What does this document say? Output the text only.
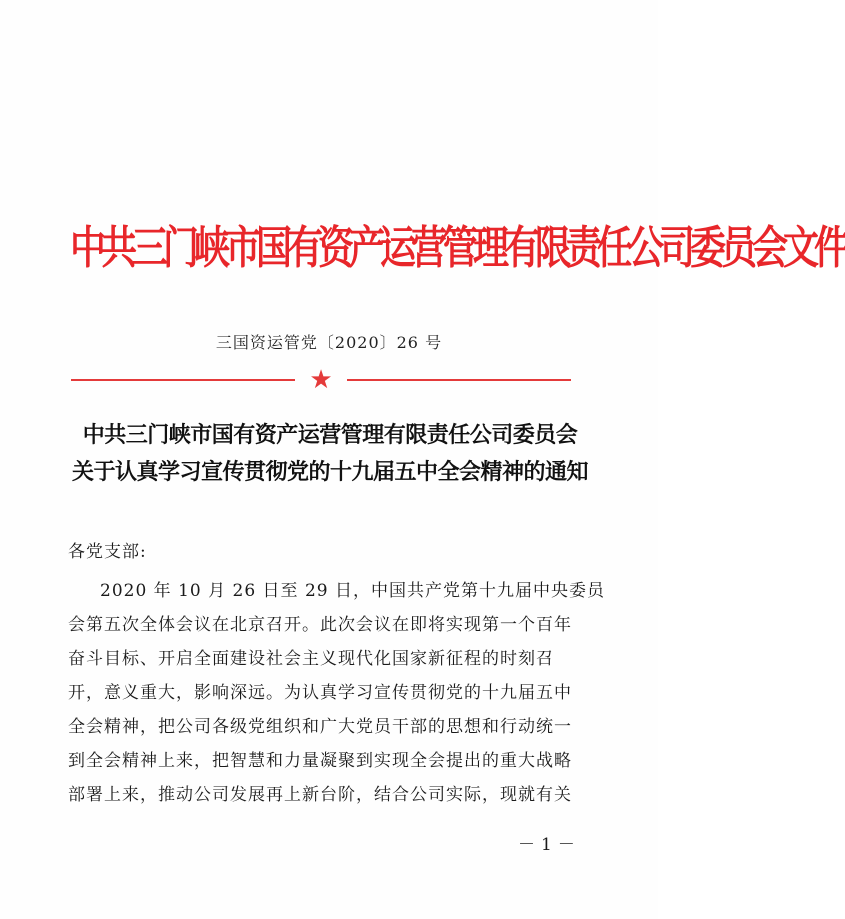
中共三门峡市国有资产运营管理有限责任公司委员会文件
三国资运管党〔2020〕26 号
★
中共三门峡市国有资产运营管理有限责任公司委员会
关于认真学习宣传贯彻党的十九届五中全会精神的通知
各党支部:
2020 年 10 月 26 日至 29 日，中国共产党第十九届中央委员
会第五次全体会议在北京召开。此次会议在即将实现第一个百年
奋斗目标、开启全面建设社会主义现代化国家新征程的时刻召
开，意义重大，影响深远。为认真学习宣传贯彻党的十九届五中
全会精神，把公司各级党组织和广大党员干部的思想和行动统一
到全会精神上来，把智慧和力量凝聚到实现全会提出的重大战略
部署上来，推动公司发展再上新台阶，结合公司实际，现就有关
－1－
